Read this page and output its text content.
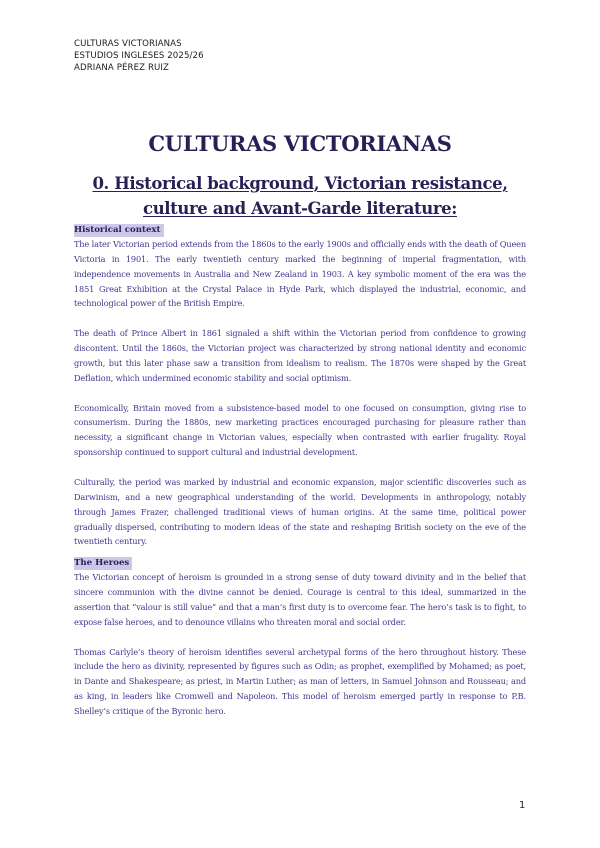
CULTURAS VICTORIANAS
ESTUDIOS INGLESES 2025/26
ADRIANA PÉREZ RUIZ
CULTURAS VICTORIANAS
0. Historical background, Victorian resistance,
culture and Avant-Garde literature:
Historical context

The later Victorian period extends from the 1860s to the early 1900s and officially ends with the death of Queen Victoria in 1901. The early twentieth century marked the beginning of imperial fragmentation, with independence movements in Australia and New Zealand in 1903. A key symbolic moment of the era was the 1851 Great Exhibition at the Crystal Palace in Hyde Park, which displayed the industrial, economic, and technological power of the British Empire.

The death of Prince Albert in 1861 signaled a shift within the Victorian period from confidence to growing discontent. Until the 1860s, the Victorian project was characterized by strong national identity and economic growth, but this later phase saw a transition from idealism to realism. The 1870s were shaped by the Great Deflation, which undermined economic stability and social optimism.

Economically, Britain moved from a subsistence-based model to one focused on consumption, giving rise to consumerism. During the 1880s, new marketing practices encouraged purchasing for pleasure rather than necessity, a significant change in Victorian values, especially when contrasted with earlier frugality. Royal sponsorship continued to support cultural and industrial development.

Culturally, the period was marked by industrial and economic expansion, major scientific discoveries such as Darwinism, and a new geographical understanding of the world. Developments in anthropology, notably through James Frazer, challenged traditional views of human origins. At the same time, political power gradually dispersed, contributing to modern ideas of the state and reshaping British society on the eve of the twentieth century.

The Heroes

The Victorian concept of heroism is grounded in a strong sense of duty toward divinity and in the belief that sincere communion with the divine cannot be denied. Courage is central to this ideal, summarized in the assertion that “valour is still value” and that a man’s first duty is to overcome fear. The hero’s task is to fight, to expose false heroes, and to denounce villains who threaten moral and social order.

Thomas Carlyle’s theory of heroism identifies several archetypal forms of the hero throughout history. These include the hero as divinity, represented by figures such as Odin; as prophet, exemplified by Mohamed; as poet, in Dante and Shakespeare; as priest, in Martin Luther; as man of letters, in Samuel Johnson and Rousseau; and as king, in leaders like Cromwell and Napoleon. This model of heroism emerged partly in response to P.B. Shelley’s critique of the Byronic hero.

1
